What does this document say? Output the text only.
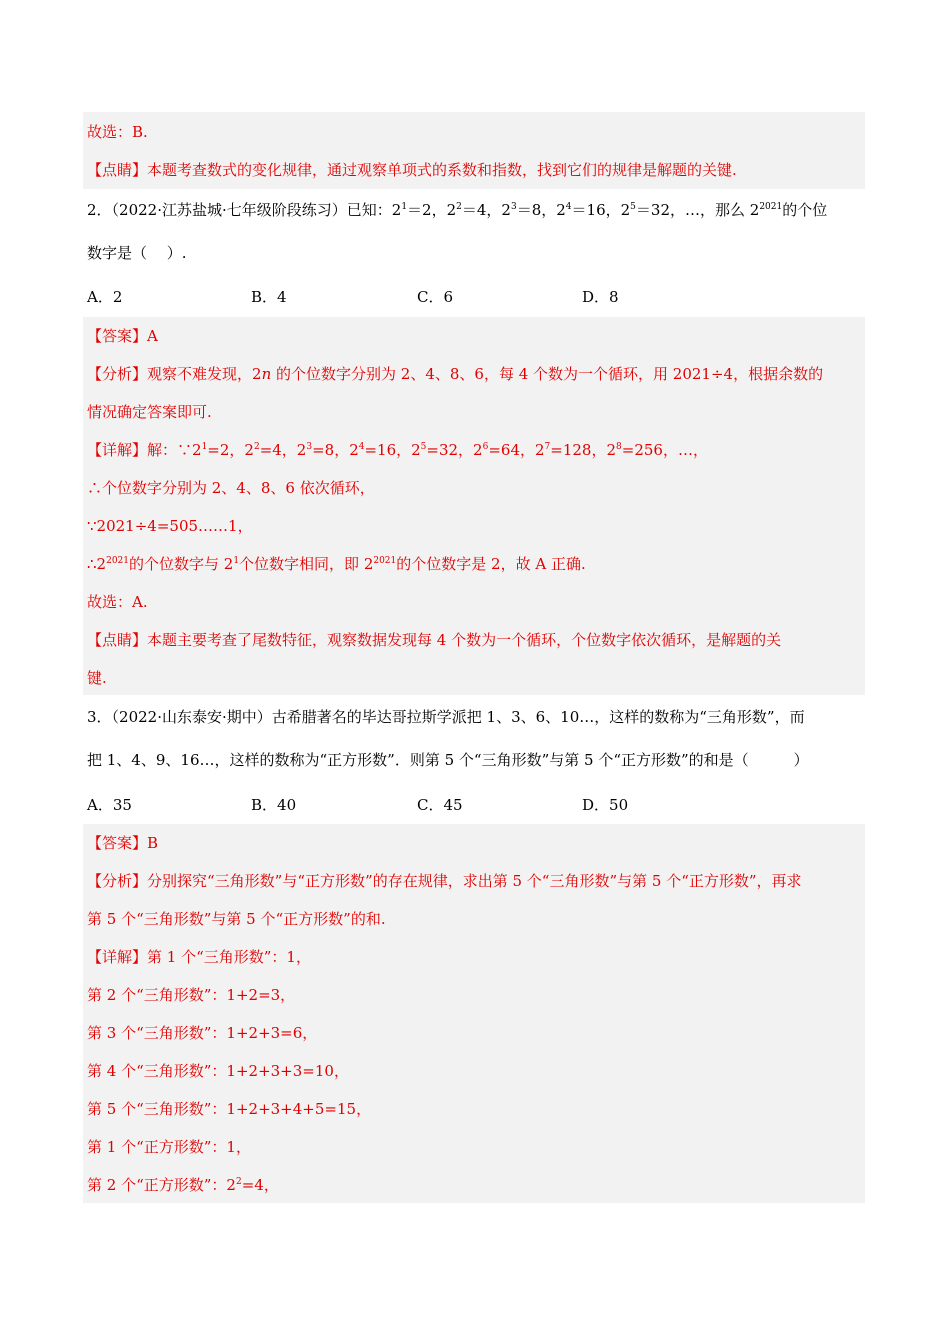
故选：B.
【点睛】本题考查数式的变化规律，通过观察单项式的系数和指数，找到它们的规律是解题的关键.
2．（2022·江苏盐城·七年级阶段练习）已知：$2^1=2$，$2^2=4$，$2^3=8$，$2^4=16$，$2^5=32$，…，那么 $2^{2021}$的个位
数字是（　 ）.
A．2	B．4	C．6	D．8
【答案】A
【分析】观察不难发现，2n 的个位数字分别为 2、4、8、6，每 4 个数为一个循环，用 2021÷4，根据余数的
情况确定答案即可.
【详解】解：$\because 2^1=2$，$2^2=4$，$2^3=8$，$2^4=16$，$2^5=32$，$2^6=64$，$2^7=128$，$2^8=256$，…，
∴个位数字分别为 2、4、8、6 依次循环，
∵2021÷4=505……1，
$\therefore 2^{2021}$的个位数字与 $2^1$个位数字相同，即 $2^{2021}$的个位数字是 2，故 A 正确.
故选：A.
【点睛】本题主要考查了尾数特征，观察数据发现每 4 个数为一个循环，个位数字依次循环，是解题的关
键.
3．（2022·山东泰安·期中）古希腊著名的毕达哥拉斯学派把 1、3、6、10…，这样的数称为“三角形数”，而
把 1、4、9、16…，这样的数称为“正方形数”．则第 5 个“三角形数”与第 5 个“正方形数”的和是（　　　）
A．35	B．40	C．45	D．50
【答案】B
【分析】分别探究“三角形数”与“正方形数”的存在规律，求出第 5 个“三角形数”与第 5 个“正方形数”，再求
第 5 个“三角形数”与第 5 个“正方形数”的和.
【详解】第 1 个“三角形数”：1，
第 2 个“三角形数”：1+2=3，
第 3 个“三角形数”：1+2+3=6，
第 4 个“三角形数”：1+2+3+3=10，
第 5 个“三角形数”：1+2+3+4+5=15，
第 1 个“正方形数”：1，
第 2 个“正方形数”：$2^2=4$，
